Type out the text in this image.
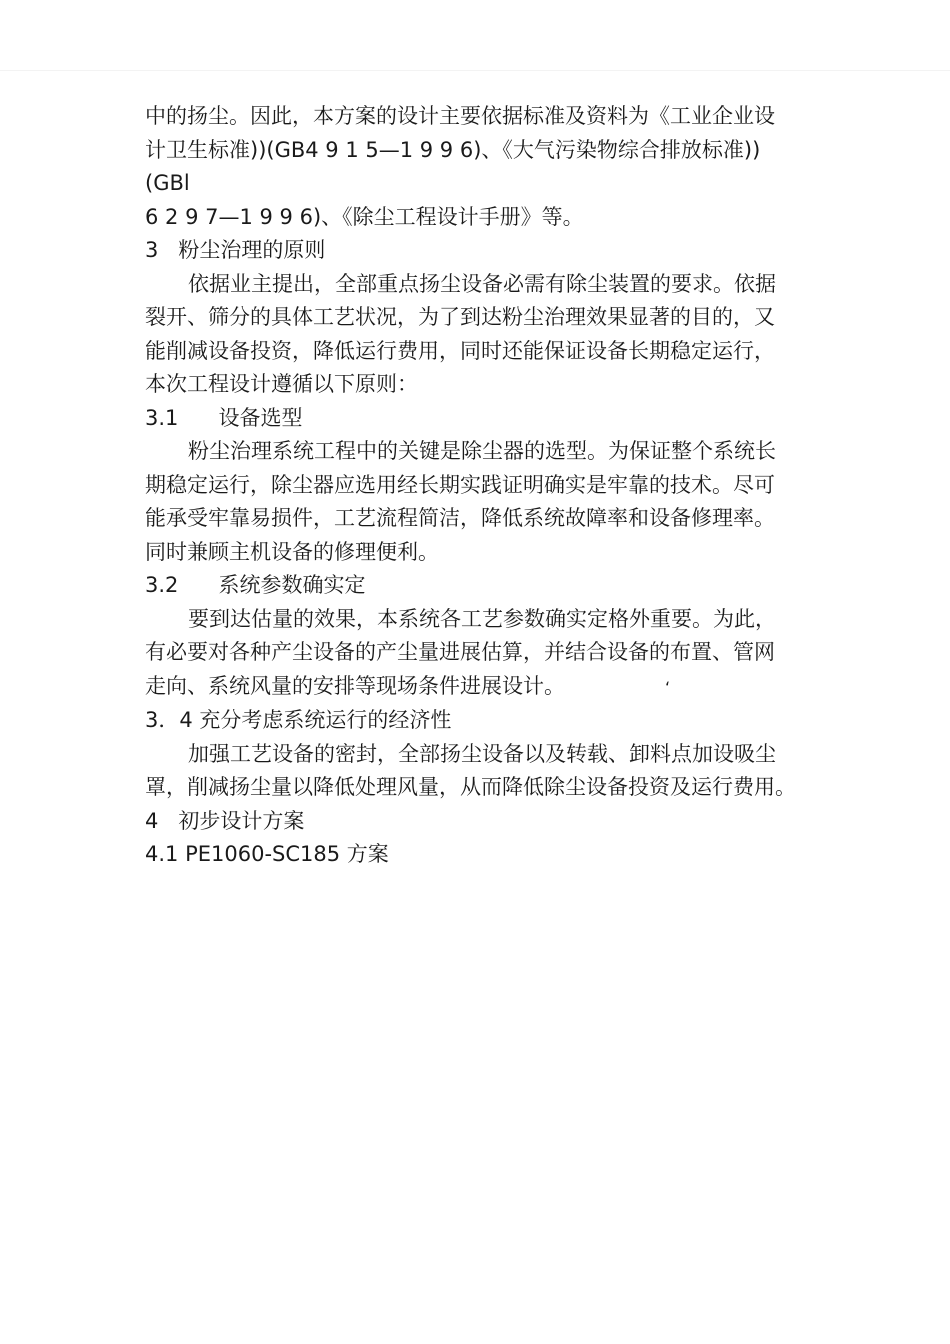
中的扬尘。因此，本方案的设计主要依据标准及资料为《工业企业设
计卫生标准))(GB4 9 1 5—1 9 9 6)、《大气污染物综合排放标准))
(GBl
6 2 9 7—1 9 9 6)、《除尘工程设计手册》等。
3   粉尘治理的原则
依据业主提出，全部重点扬尘设备必需有除尘装置的要求。依据
裂开、筛分的具体工艺状况，为了到达粉尘治理效果显著的目的，又
能削减设备投资，降低运行费用，同时还能保证设备长期稳定运行，
本次工程设计遵循以下原则：
3.1      设备选型
粉尘治理系统工程中的关键是除尘器的选型。为保证整个系统长
期稳定运行，除尘器应选用经长期实践证明确实是牢靠的技术。尽可
能承受牢靠易损件，工艺流程简洁，降低系统故障率和设备修理率。
同时兼顾主机设备的修理便利。
3.2      系统参数确实定
要到达估量的效果，本系统各工艺参数确实定格外重要。为此，
有必要对各种产尘设备的产尘量进展估算，并结合设备的布置、管网
走向、系统风量的安排等现场条件进展设计。	‘
3．4 充分考虑系统运行的经济性
加强工艺设备的密封，全部扬尘设备以及转载、卸料点加设吸尘
罩，削减扬尘量以降低处理风量，从而降低除尘设备投资及运行费用。
4   初步设计方案
4.1 PE1060-SC185 方案
